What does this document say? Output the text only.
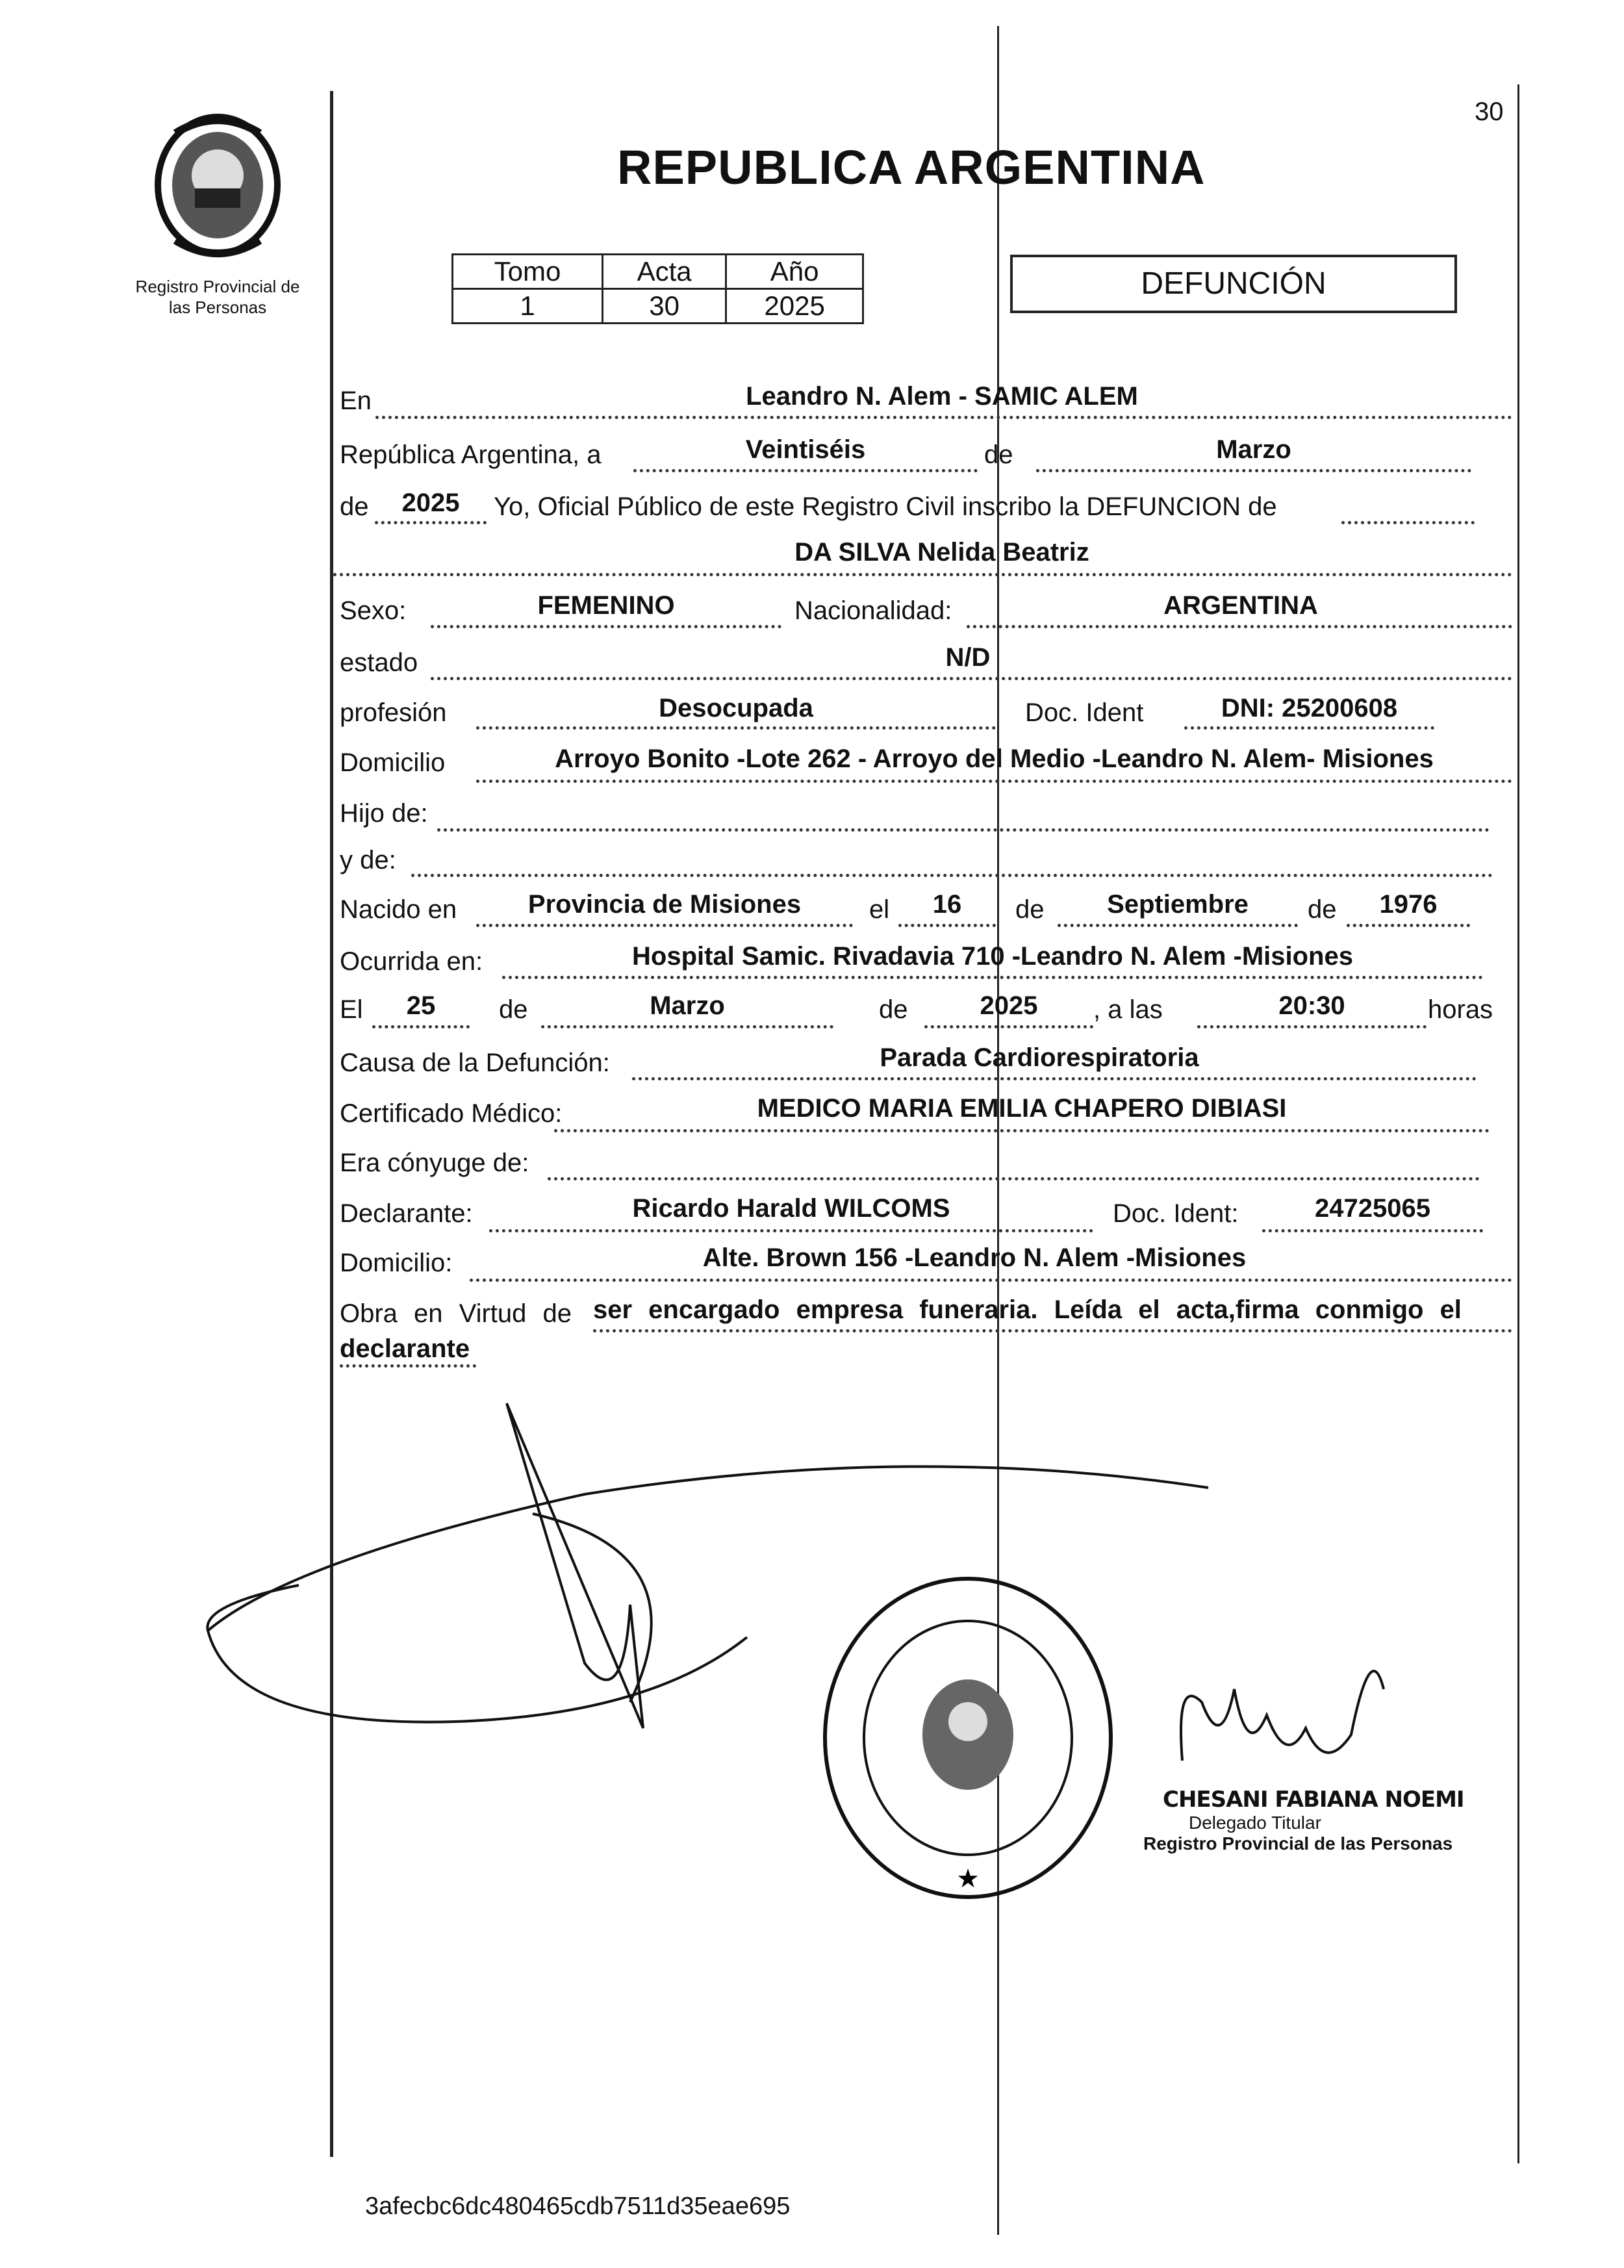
30
Registro Provincial de
las Personas
REPUBLICA ARGENTINA
Tomo	Acta	Año
1	30	2025
DEFUNCIÓN
En	Leandro N. Alem - SAMIC ALEM
República Argentina, a	Veintiséis	de	Marzo
de	2025	Yo, Oficial Público de este Registro Civil inscribo la DEFUNCION de
DA SILVA Nelida Beatriz
Sexo:	FEMENINO	Nacionalidad:	ARGENTINA
estado	N/D
profesión	Desocupada	Doc. Ident	DNI: 25200608
Domicilio	Arroyo Bonito -Lote 262 - Arroyo del Medio -Leandro N. Alem- Misiones
Hijo de:
y de:
Nacido en	Provincia de Misiones	el	16	de	Septiembre	de	1976
Ocurrida en:	Hospital Samic. Rivadavia 710 -Leandro N. Alem -Misiones
El	25	de	Marzo	de	2025	, a las	20:30	horas
Causa de la Defunción:	Parada Cardiorespiratoria
Certificado Médico:	MEDICO MARIA EMILIA CHAPERO DIBIASI
Era cónyuge de:
Declarante:	Ricardo Harald WILCOMS	Doc. Ident:	24725065
Domicilio:	Alte. Brown 156 -Leandro N. Alem -Misiones
Obra en Virtud de ser encargado empresa funeraria. Leída el acta,firma conmigo el
declarante
★
CHESANI FABIANA NOEMI
Delegado Titular
Registro Provincial de las Personas
3afecbc6dc480465cdb7511d35eae695
